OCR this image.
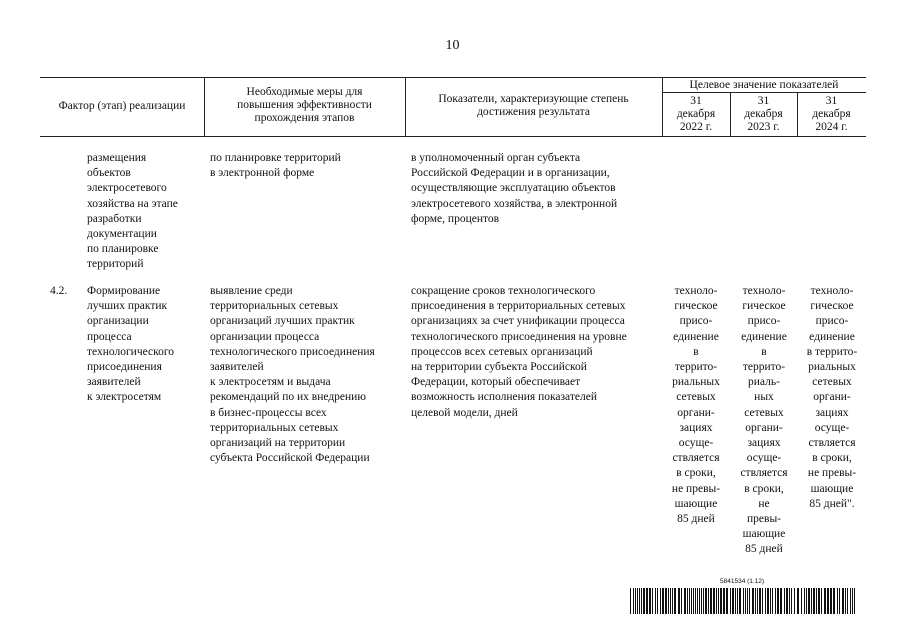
10
Фактор (этап) реализации
Необходимые меры для
повышения эффективности
прохождения этапов
Показатели, характеризующие степень
достижения результата
Целевое значение показателей
31
декабря
2022 г.
31
декабря
2023 г.
31
декабря
2024 г.
размещения
объектов
электросетевого
хозяйства на этапе
разработки
документации
по планировке
территорий
по планировке территорий
в электронной форме
в уполномоченный орган субъекта
Российской Федерации и в организации,
осуществляющие эксплуатацию объектов
электросетевого хозяйства, в электронной
форме, процентов
4.2. Формирование
лучших практик
организации
процесса
технологического
присоединения
заявителей
к электросетям
выявление среди
территориальных сетевых
организаций лучших практик
организации процесса
технологического присоединения
заявителей
к электросетям и выдача
рекомендаций по их внедрению
в бизнес-процессы всех
территориальных сетевых
организаций на территории
субъекта Российской Федерации
сокращение сроков технологического
присоединения в территориальных сетевых
организациях за счет унификации процесса
технологического присоединения на уровне
процессов всех сетевых организаций
на территории субъекта Российской
Федерации, который обеспечивает
возможность исполнения показателей
целевой модели, дней
техноло-
гическое
присо-
единение
в
террито-
риальных
сетевых
органи-
зациях
осуще-
ствляется
в сроки,
не превы-
шающие
85 дней
техноло-
гическое
присо-
единение
в
террито-
риаль-
ных
сетевых
органи-
зациях
осуще-
ствляется
в сроки,
не
превы-
шающие
85 дней
техноло-
гическое
присо-
единение
в террито-
риальных
сетевых
органи-
зациях
осуще-
ствляется
в сроки,
не превы-
шающие
85 дней".
5841534 (1.12)
